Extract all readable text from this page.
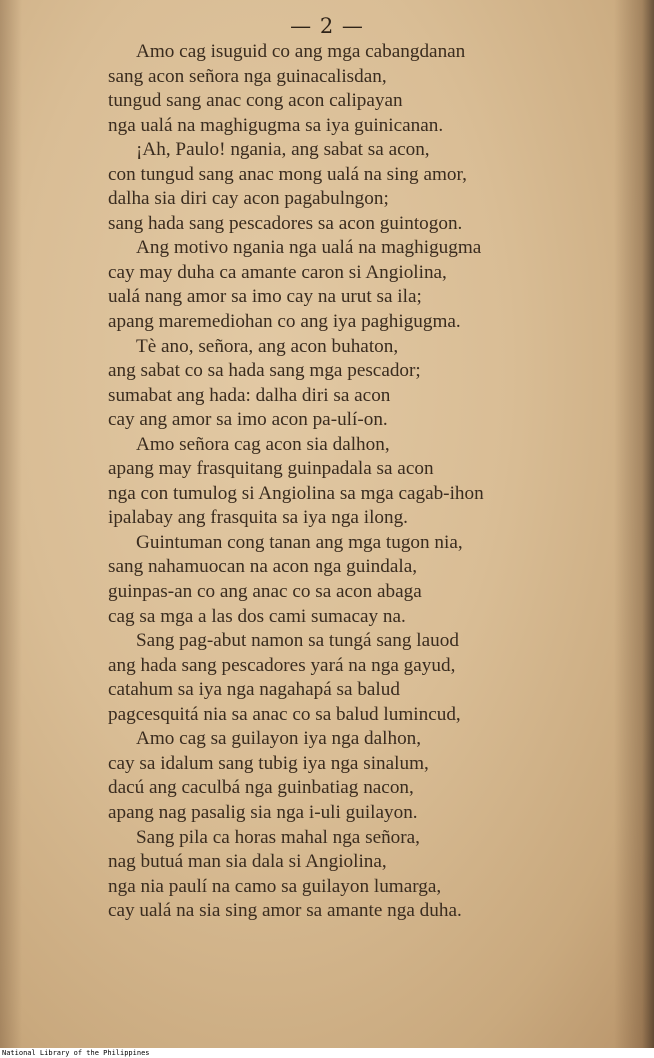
— 2 —
Amo cag isuguid co ang mga cabangdanan
sang acon señora nga guinacalisdan,
tungud sang anac cong acon calipayan
nga ualá na maghigugma sa iya guinicanan.
¡Ah, Paulo! ngania, ang sabat sa acon,
con tungud sang anac mong ualá na sing amor,
dalha sia diri cay acon pagabulngon;
sang hada sang pescadores sa acon guintogon.
Ang motivo ngania nga ualá na maghigugma
cay may duha ca amante caron si Angiolina,
ualá nang amor sa imo cay na urut sa ila;
apang maremediohan co ang iya paghigugma.
Tè ano, señora, ang acon buhaton,
ang sabat co sa hada sang mga pescador;
sumabat ang hada: dalha diri sa acon
cay ang amor sa imo acon pa-ulí-on.
Amo señora cag acon sia dalhon,
apang may frasquitang guinpadala sa acon
nga con tumulog si Angiolina sa mga cagab-ihon
ipalabay ang frasquita sa iya nga ilong.
Guintuman cong tanan ang mga tugon nia,
sang nahamuocan na acon nga guindala,
guinpas-an co ang anac co sa acon abaga
cag sa mga a las dos cami sumacay na.
Sang pag-abut namon sa tungá sang lauod
ang hada sang pescadores yará na nga gayud,
catahum sa iya nga nagahapá sa balud
pagcesquitá nia sa anac co sa balud lumincud,
Amo cag sa guilayon iya nga dalhon,
cay sa idalum sang tubig iya nga sinalum,
dacú ang caculbá nga guinbatiag nacon,
apang nag pasalig sia nga i-uli guilayon.
Sang pila ca horas mahal nga señora,
nag butuá man sia dala si Angiolina,
nga nia paulí na camo sa guilayon lumarga,
cay ualá na sia sing amor sa amante nga duha.
National Library of the Philippines
